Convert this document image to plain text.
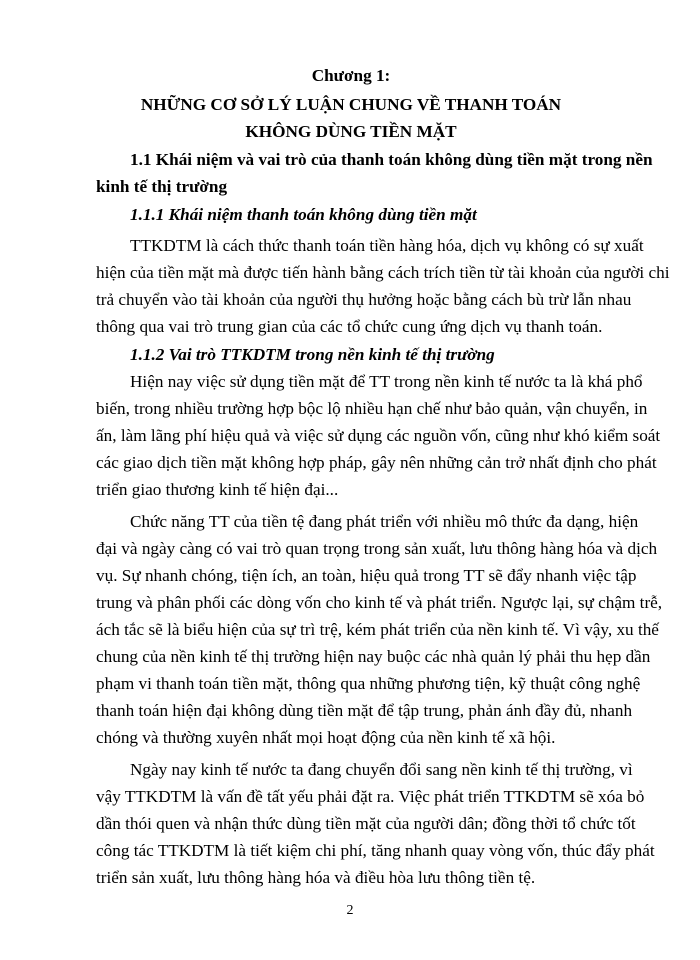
Chương 1:
NHỮNG CƠ SỞ LÝ LUẬN CHUNG VỀ THANH TOÁN
KHÔNG DÙNG TIỀN MẶT
1.1 Khái niệm và vai trò của thanh toán không dùng tiền mặt trong nền
kinh tế thị trường
1.1.1 Khái niệm thanh toán không dùng tiền mặt
TTKDTM là cách thức thanh toán tiền hàng hóa, dịch vụ không có sự xuất
hiện của tiền mặt mà được tiến hành bằng cách trích tiền từ tài khoản của người chi
trả chuyển vào tài khoản của người thụ hưởng hoặc bằng cách bù trừ lẫn nhau
thông qua vai trò trung gian của các tổ chức cung ứng dịch vụ thanh toán.
1.1.2 Vai trò TTKDTM trong nền kinh tế thị trường
Hiện nay việc sử dụng tiền mặt để TT trong nền kinh tế nước ta là khá phổ
biến, trong nhiều trường hợp bộc lộ nhiều hạn chế như bảo quản, vận chuyển, in
ấn, làm lãng phí hiệu quả và việc sử dụng các nguồn vốn, cũng như khó kiểm soát
các giao dịch tiền mặt không hợp pháp, gây nên những cản trở nhất định cho phát
triển giao thương kinh tế hiện đại...
Chức năng TT của tiền tệ đang phát triển với nhiều mô thức đa dạng, hiện
đại và ngày càng có vai trò quan trọng trong sản xuất, lưu thông hàng hóa và dịch
vụ. Sự nhanh chóng, tiện ích, an toàn, hiệu quả trong TT sẽ đẩy nhanh việc tập
trung và phân phối các dòng vốn cho kinh tế và phát triển. Ngược lại, sự chậm trễ,
ách tắc sẽ là biểu hiện của sự trì trệ, kém phát triển của nền kinh tế. Vì vậy, xu thế
chung của nền kinh tế thị trường hiện nay buộc các nhà quản lý phải thu hẹp dần
phạm vi thanh toán tiền mặt, thông qua những phương tiện, kỹ thuật công nghệ
thanh toán hiện đại không dùng tiền mặt để tập trung, phản ánh đầy đủ, nhanh
chóng và thường xuyên nhất mọi hoạt động của nền kinh tế xã hội.
Ngày nay kinh tế nước ta đang chuyển đổi sang nền kinh tế thị trường, vì
vậy TTKDTM là vấn đề tất yếu phải đặt ra. Việc phát triển TTKDTM sẽ xóa bỏ
dần thói quen và nhận thức dùng tiền mặt của người dân; đồng thời tổ chức tốt
công tác TTKDTM là tiết kiệm chi phí, tăng nhanh quay vòng vốn, thúc đẩy phát
triển sản xuất, lưu thông hàng hóa và điều hòa lưu thông tiền tệ.
2
